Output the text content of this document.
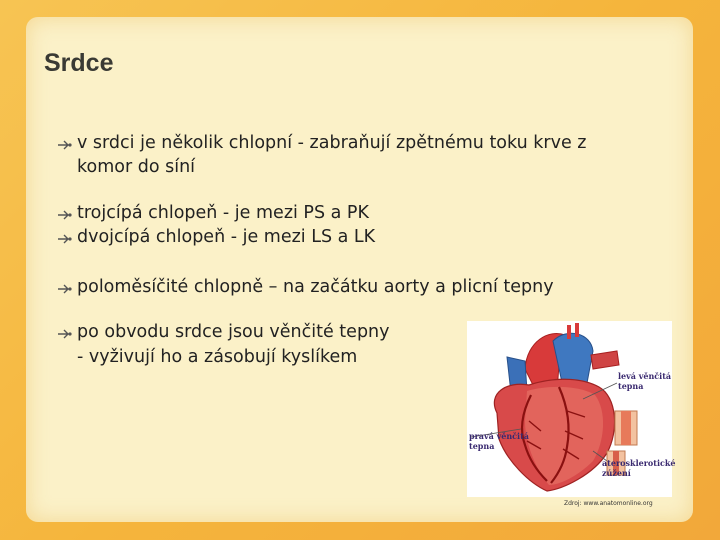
Srdce
v srdci je několik chlopní - zabraňují zpětnému toku krve z
komor do síní
trojcípá chlopeň - je mezi PS a PK
dvojcípá chlopeň - je mezi LS a LK
poloměsíčité chlopně – na začátku aorty a plicní tepny
po obvodu srdce jsou věnčité tepny
- vyživují ho a zásobují kyslíkem
levá věnčitá
tepna
pravá věnčitá
tepna
aterosklerotické
zúžení
Zdroj: www.anatomonline.org
